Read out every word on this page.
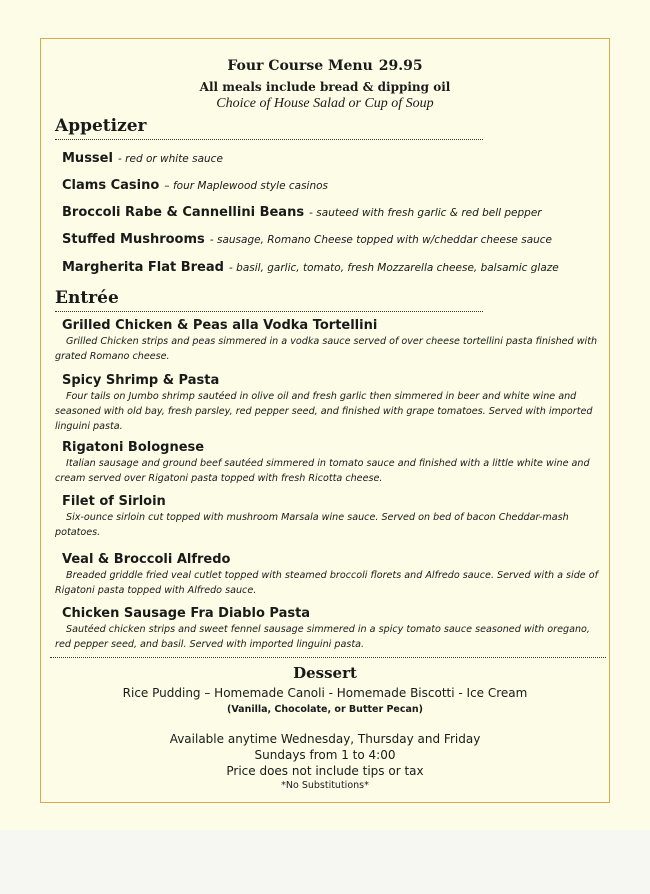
Four Course Menu 29.95
All meals include bread & dipping oil
Choice of House Salad or Cup of Soup
Appetizer
Mussel - red or white sauce
Clams Casino – four Maplewood style casinos
Broccoli Rabe & Cannellini Beans - sauteed with fresh garlic & red bell pepper
Stuffed Mushrooms - sausage, Romano Cheese topped with w/cheddar cheese sauce
Margherita Flat Bread - basil, garlic, tomato, fresh Mozzarella cheese, balsamic glaze
Entrée
Grilled Chicken & Peas alla Vodka Tortellini
Grilled Chicken strips and peas simmered in a vodka sauce served of over cheese tortellini pasta finished with grated Romano cheese.
Spicy Shrimp & Pasta
Four tails on Jumbo shrimp sautéed in olive oil and fresh garlic then simmered in beer and white wine and seasoned with old bay, fresh parsley, red pepper seed, and finished with grape tomatoes. Served with imported linguini pasta.
Rigatoni Bolognese
Italian sausage and ground beef sautéed simmered in tomato sauce and finished with a little white wine and cream served over Rigatoni pasta topped with fresh Ricotta cheese.
Filet of Sirloin
Six-ounce sirloin cut topped with mushroom Marsala wine sauce. Served on bed of bacon Cheddar-mash potatoes.
Veal & Broccoli Alfredo
Breaded griddle fried veal cutlet topped with steamed broccoli florets and Alfredo sauce. Served with a side of Rigatoni pasta topped with Alfredo sauce.
Chicken Sausage Fra Diablo Pasta
Sautéed chicken strips and sweet fennel sausage simmered in a spicy tomato sauce seasoned with oregano, red pepper seed, and basil. Served with imported linguini pasta.
Dessert
Rice Pudding – Homemade Canoli - Homemade Biscotti - Ice Cream
(Vanilla, Chocolate, or Butter Pecan)
Available anytime Wednesday, Thursday and Friday
Sundays from 1 to 4:00
Price does not include tips or tax
*No Substitutions*
